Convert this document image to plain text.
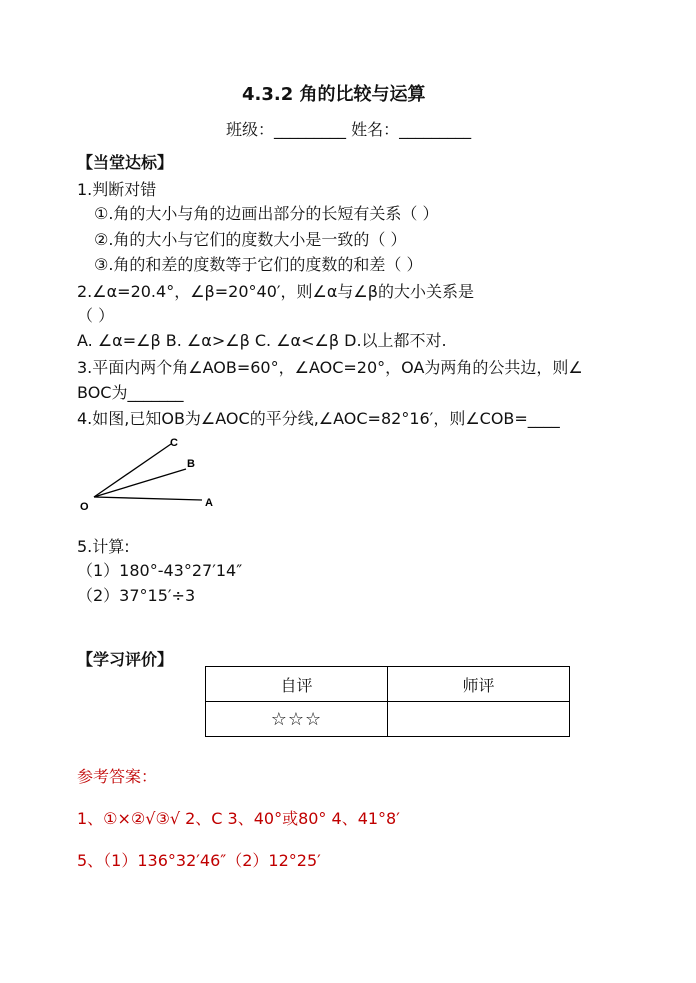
4.3.2 角的比较与运算
班级：_________ 姓名：_________
【当堂达标】
1.判断对错
①.角的大小与角的边画出部分的长短有关系（ ）
②.角的大小与它们的度数大小是一致的（ ）
③.角的和差的度数等于它们的度数的和差（ ）
2.∠α=20.4°，∠β=20°40′，则∠α与∠β的大小关系是
（ ）
A. ∠α=∠β B. ∠α>∠β C. ∠α<∠β D.以上都不对.
3.平面内两个角∠AOB=60°，∠AOC=20°，OA为两角的公共边，则∠
BOC为_______
4.如图,已知OB为∠AOC的平分线,∠AOC=82°16′，则∠COB=____
O	A
B
C
5.计算:
（1）180°-43°27′14″
（2）37°15′÷3
【学习评价】
自评	师评
☆☆☆	
参考答案：
1、①×②√③√ 2、C 3、40°或80° 4、41°8′
5、（1）136°32′46″（2）12°25′
